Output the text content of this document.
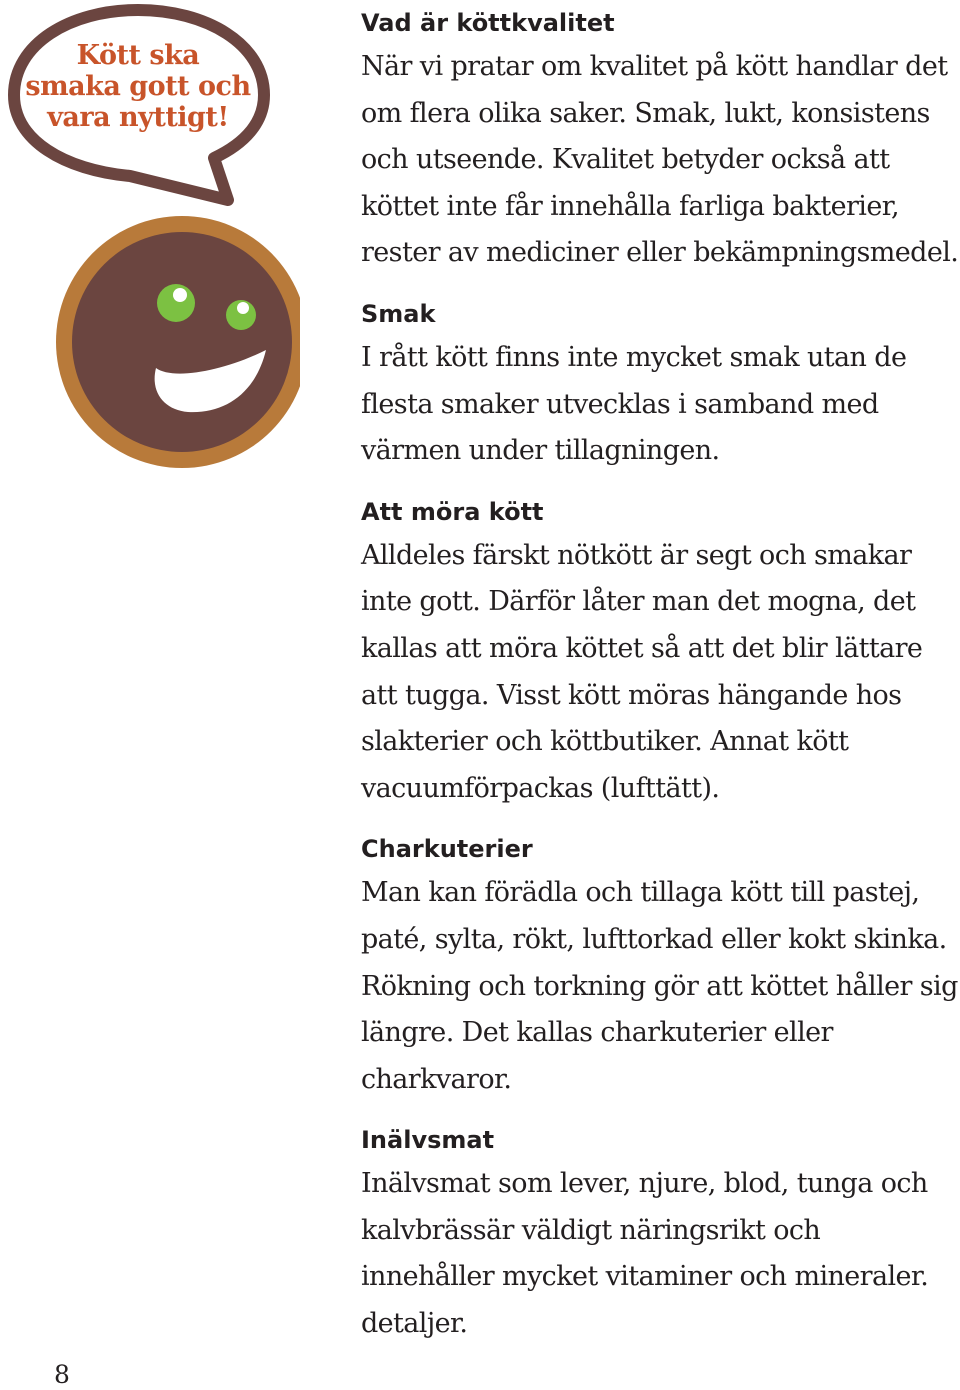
Kött ska
smaka gott och
vara nyttigt!
Vad är köttkvalitet

När vi pratar om kvalitet på kött handlar det om flera olika saker. Smak, lukt, konsistens och utseende. Kvalitet betyder också att köttet inte får innehålla farliga bakterier, rester av mediciner eller bekämpningsmedel.

Smak

I rått kött finns inte mycket smak utan de flesta smaker utvecklas i samband med värmen under tillagningen.

Att möra kött

Alldeles färskt nötkött är segt och smakar inte gott. Därför låter man det mogna, det kallas att möra köttet så att det blir lättare att tugga. Visst kött möras hängande hos slakterier och köttbutiker. Annat kött vacuumförpackas (lufttätt).

Charkuterier

Man kan förädla och tillaga kött till pastej, paté, sylta, rökt, lufttorkad eller kokt skinka. Rökning och torkning gör att köttet håller sig längre. Det kallas charkuterier eller charkvaror.

Inälvsmat

Inälvsmat som lever, njure, blod, tunga och kalvbrässär väldigt näringsrikt och innehåller mycket vitaminer och mineraler. detaljer.

8
